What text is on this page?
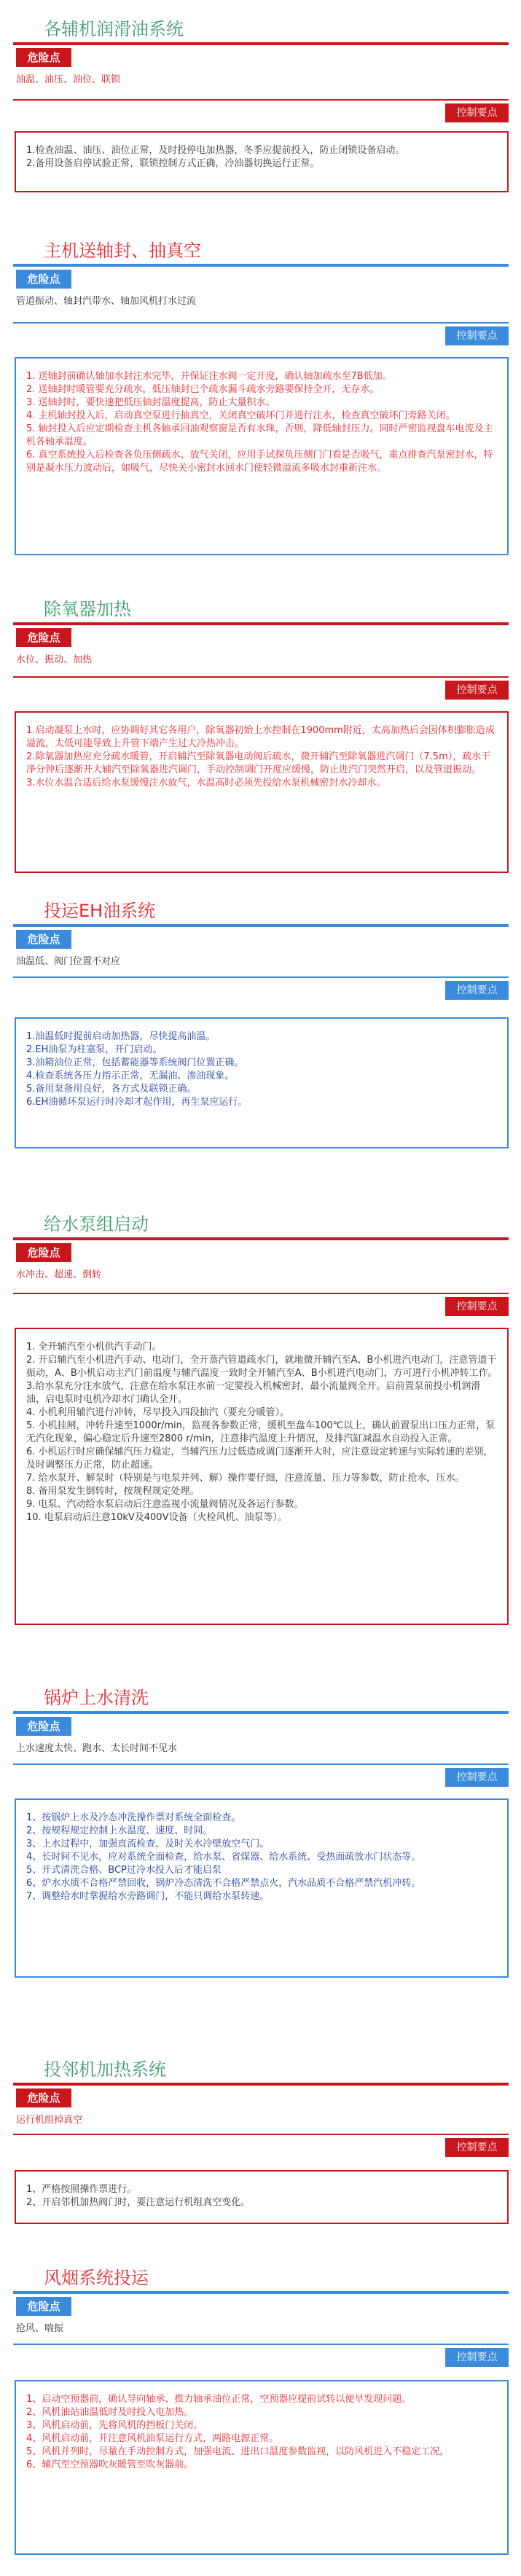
各辅机润滑油系统
危险点
油温、油压、油位、联锁
控制要点
1.检查油温、油压、油位正常，及时投停电加热器，冬季应提前投入，防止闭锁设备启动。
2.备用设备启停试验正常，联锁控制方式正确，冷油器切换运行正常。
主机送轴封、抽真空
危险点
管道振动、轴封汽带水、轴加风机打水过流
控制要点
1. 送轴封前确认轴加水封注水完毕，并保证注水阀一定开度，确认轴加疏水至7B低加。
2. 送轴封时暖管要充分疏水，低压轴封已个疏水漏斗疏水旁路要保持全开，无存水。
3. 送轴封时，要快速把低压轴封温度提高，防止大量积水。
4. 主机轴封投入后，启动真空泵进行抽真空，关闭真空破坏门并进行注水，检查真空破坏门旁路关闭。
5. 轴封投入后应定期检查主机各轴承回油观察窗是否有水珠，否则，降低轴封压力。同时严密监视盘车电流及主机各轴承温度。
6. 真空系统投入后检查各负压侧疏水、放气关闭，应用手试探负压侧门门看是否吸气，重点排查汽泵密封水，特别是凝水压力波动后，如吸气，尽快关小密封水回水门使轻微溢流多吸水封重新注水。
除氧器加热
危险点
水位、振动、加热
控制要点
1.启动凝泵上水时，应协调好其它各用户，除氧器初始上水控制在1900mm附近，太高加热后会因体积膨胀造成溢流，太低可能导致上升管下端产生过大冷热冲击。
2.除氧器加热应充分疏水暖管，开启辅汽至除氧器电动阀后疏水，微开辅汽至除氧器进汽调门（7.5m），疏水干净分钟后逐渐开大辅汽至除氧器进汽调门，手动控制调门开度应缓慢，防止进汽门突然开启，以及管道振动。
3.水位水温合适后给水泵缓慢注水放气，水温高时必须先投给水泵机械密封水冷却水。
投运EH油系统
危险点
油温低、阀门位置不对应
控制要点
1.油温低时提前启动加热器，尽快提高油温。
2.EH油泵为柱塞泵，开门启动。
3.油箱油位正常，包括蓄能器等系统阀门位置正确。
4.检查系统各压力指示正常，无漏油、渗油现象。
5.备用泵备用良好，各方式及联锁正确。
6.EH油循环泵运行时冷却才起作用，再生泵应运行。
给水泵组启动
危险点
水冲击、超速、倒转
控制要点
1. 全开辅汽至小机供汽手动门。
2. 开启辅汽至小机进汽手动、电动门，全开蒸汽管道疏水门，就地微开辅汽至A、B小机进汽电动门，注意管道干振动，A、B小机启动主汽门前温度与辅汽温度一致时全开辅汽至A、B小机进汽电动门，方可进行小机冲转工作。
3.给水泵充分注水放气，注意在给水泵注水前一定要投入机械密封，最小流量阀全开。启前置泵前投小机润滑油，启电泵时电机冷却水门确认全开。
4. 小机利用辅汽进行冲转，尽早投入四段抽汽（要充分暖管）。
5. 小机挂闸，冲转升速至1000r/min，监视各参数正常，缓机至盘车100℃以上，确认前置泵出口压力正常，泵无汽化现象，偏心稳定后升速至2800 r/min，注意排汽温度上升情况，及排汽缸减温水自动投入正常。
6. 小机运行时应确保辅汽压力稳定，当辅汽压力过低造成调门逐渐开大时，应注意设定转速与实际转速的差别，及时调整压力正常，防止超速。
7. 给水泵开、解泵时（特别是与电泵并列、解）操作要仔细，注意流量、压力等参数，防止抢水，压水。
8. 备用泵发生倒转时，按规程规定处理。
9. 电泵、汽动给水泵启动后注意监视小流量阀情况及各运行参数。
10. 电泵启动后注意10kV及400V设备（火检风机、油泵等）。
锅炉上水清洗
危险点
上水速度太快、跑水、太长时间不见水
控制要点
1、按锅炉上水及冷态冲洗操作票对系统全面检查。
2、按规程规定控制上水温度、速度、时间。
3、上水过程中，加强直流检查，及时关水冷壁放空气门。
4、长时间不见水，应对系统全面检查，给水泵、省煤器、给水系统、受热面疏放水门状态等。
5、开式清洗合格、BCP过冷水投入后才能启泵
6、炉水水质不合格严禁回收，锅炉冷态清洗不合格严禁点火，汽水品质不合格严禁汽机冲转。
7、调整给水时掌握给水旁路调门，不能只调给水泵转速。
投邻机加热系统
危险点
运行机组掉真空
控制要点
1、严格按照操作票进行。
2、开启邻机加热阀门时，要注意运行机组真空变化。
风烟系统投运
危险点
抢风、喘振
控制要点
1、启动空预器前，确认导向轴承、推力轴承油位正常，空预器应提前试转以便早发现问题。
2、风机油站油温低时及时投入电加热。
3、风机启动前，先将风机的挡板门关闭。
4、风机启动前，并注意风机油泵运行方式，两路电源正常。
5、风机并列时，尽量在手动控制方式，加强电流、进出口温度参数监视，以防风机进入不稳定工况。
6、辅汽至空预器吹灰暖管至吹灰器前。
